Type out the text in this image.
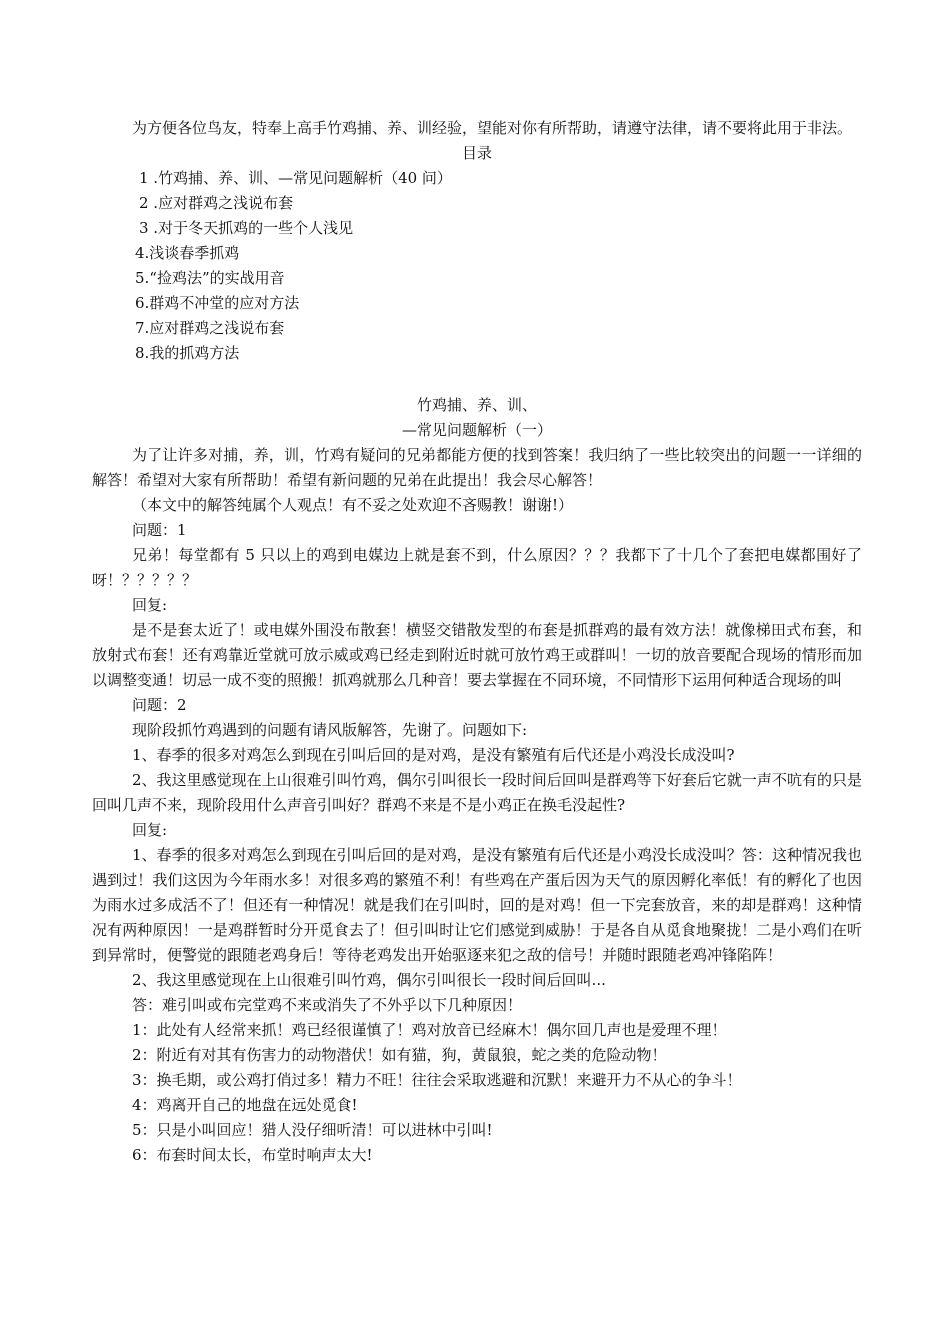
为方便各位鸟友，特奉上高手竹鸡捕、养、训经验，望能对你有所帮助，请遵守法律，请不要将此用于非法。

目录

1 .竹鸡捕、养、训、—常见问题解析（40 问）
2 .应对群鸡之浅说布套
3 .对于冬天抓鸡的一些个人浅见
4.浅谈春季抓鸡
5.“捡鸡法”的实战用音
6.群鸡不冲堂的应对方法
7.应对群鸡之浅说布套
8.我的抓鸡方法

竹鸡捕、养、训、

—常见问题解析（一）

为了让许多对捕，养，训，竹鸡有疑问的兄弟都能方便的找到答案！我归纳了一些比较突出的问题一一详细的解答！希望对大家有所帮助！希望有新问题的兄弟在此提出！我会尽心解答！

（本文中的解答纯属个人观点！有不妥之处欢迎不吝赐教！谢谢!）

问题：1

兄弟！每堂都有 5 只以上的鸡到电媒边上就是套不到，什么原因？？？我都下了十几个了套把电媒都围好了呀！？？？？？

回复:

是不是套太近了！或电媒外围没布散套！横竖交错散发型的布套是抓群鸡的最有效方法！就像梯田式布套，和放射式布套！还有鸡靠近堂就可放示威或鸡已经走到附近时就可放竹鸡王或群叫！一切的放音要配合现场的情形而加以调整变通！切忌一成不变的照搬！抓鸡就那么几种音！要去掌握在不同环境，不同情形下运用何种适合现场的叫

问题：2

现阶段抓竹鸡遇到的问题有请风版解答，先谢了。问题如下:

1、春季的很多对鸡怎么到现在引叫后回的是对鸡，是没有繁殖有后代还是小鸡没长成没叫?

2、我这里感觉现在上山很难引叫竹鸡，偶尔引叫很长一段时间后回叫是群鸡等下好套后它就一声不吭有的只是回叫几声不来，现阶段用什么声音引叫好？群鸡不来是不是小鸡正在换毛没起性?

回复:

1、春季的很多对鸡怎么到现在引叫后回的是对鸡，是没有繁殖有后代还是小鸡没长成没叫？答：这种情况我也遇到过！我们这因为今年雨水多！对很多鸡的繁殖不利！有些鸡在产蛋后因为天气的原因孵化率低！有的孵化了也因为雨水过多成活不了！但还有一种情况！就是我们在引叫时，回的是对鸡！但一下完套放音，来的却是群鸡！这种情况有两种原因！一是鸡群暂时分开觅食去了！但引叫时让它们感觉到威胁！于是各自从觅食地聚拢！二是小鸡们在听到异常时，便警觉的跟随老鸡身后！等待老鸡发出开始驱逐来犯之敌的信号！并随时跟随老鸡冲锋陷阵！

2、我这里感觉现在上山很难引叫竹鸡，偶尔引叫很长一段时间后回叫...

答：难引叫或布完堂鸡不来或消失了不外乎以下几种原因！

1：此处有人经常来抓！鸡已经很谨慎了！鸡对放音已经麻木！偶尔回几声也是爱理不理！

2：附近有对其有伤害力的动物潜伏！如有猫，狗，黄鼠狼，蛇之类的危险动物！

3：换毛期，或公鸡打俏过多！精力不旺！往往会采取逃避和沉默！来避开力不从心的争斗！

4：鸡离开自己的地盘在远处觅食!

5：只是小叫回应！猎人没仔细听清！可以进林中引叫!

6：布套时间太长，布堂时响声太大!
